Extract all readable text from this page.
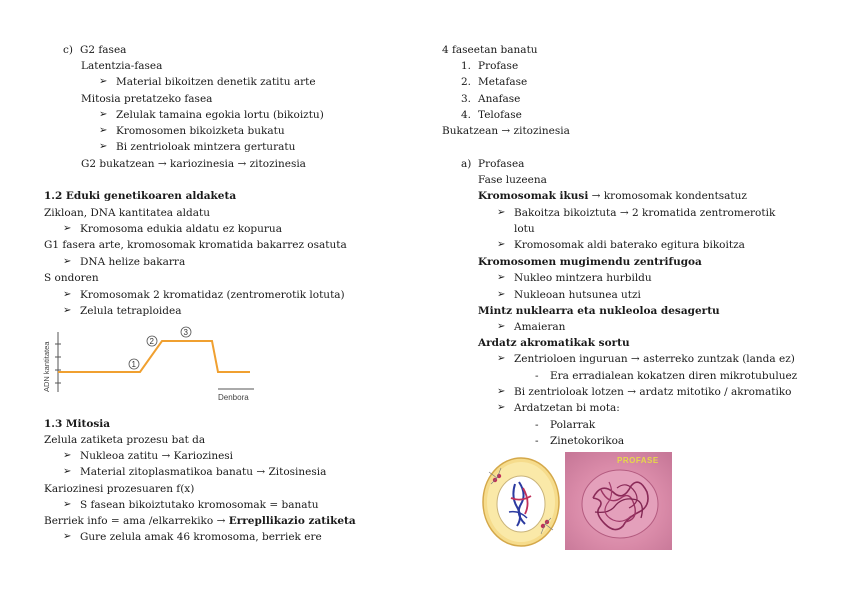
c) G2 fasea
Latentzia-fasea
➢ Material bikoitzen denetik zatitu arte
Mitosia pretatzeko fasea
➢ Zelulak tamaina egokia lortu (bikoiztu)
➢ Kromosomen bikoizketa bukatu
➢ Bi zentrioloak mintzera gerturatu
G2 bukatzean → kariozinesia → zitozinesia
1.2 Eduki genetikoaren aldaketa
Zikloan, DNA kantitatea aldatu
➢ Kromosoma edukia aldatu ez kopurua
G1 fasera arte, kromosomak kromatida bakarrez osatuta
➢ DNA helize bakarra
S ondoren
➢ Kromosomak 2 kromatidaz (zentromerotik lotuta)
➢ Zelula tetraploidea
ADN kantitatea
Denbora
1
2
3
1.3 Mitosia
Zelula zatiketa prozesu bat da
➢ Nukleoa zatitu → Kariozinesi
➢ Material zitoplasmatikoa banatu → Zitosinesia
Kariozinesi prozesuaren f(x)
➢ S fasean bikoiztutako kromosomak = banatu
Berriek info = ama /elkarrekiko → Errepllikazio zatiketa
➢ Gure zelula amak 46 kromosoma, berriek ere
4 faseetan banatu
1. Profase
2. Metafase
3. Anafase
4. Telofase
Bukatzean → zitozinesia
a) Profasea
Fase luzeena
Kromosomak ikusi → kromosomak kondentsatuz
➢ Bakoitza bikoiztuta → 2 kromatida zentromerotik
lotu
➢ Kromosomak aldi baterako egitura bikoitza
Kromosomen mugimendu zentrifugoa
➢ Nukleo mintzera hurbildu
➢ Nukleoan hutsunea utzi
Mintz nuklearra eta nukleoloa desagertu
➢ Amaieran
Ardatz akromatikak sortu
➢ Zentrioloen inguruan → asterreko zuntzak (landa ez)
- Era erradialean kokatzen diren mikrotubuluez
➢ Bi zentrioloak lotzen → ardatz mitotiko / akromatiko
➢ Ardatzetan bi mota:
- Polarrak
- Zinetokorikoa
PROFASE
